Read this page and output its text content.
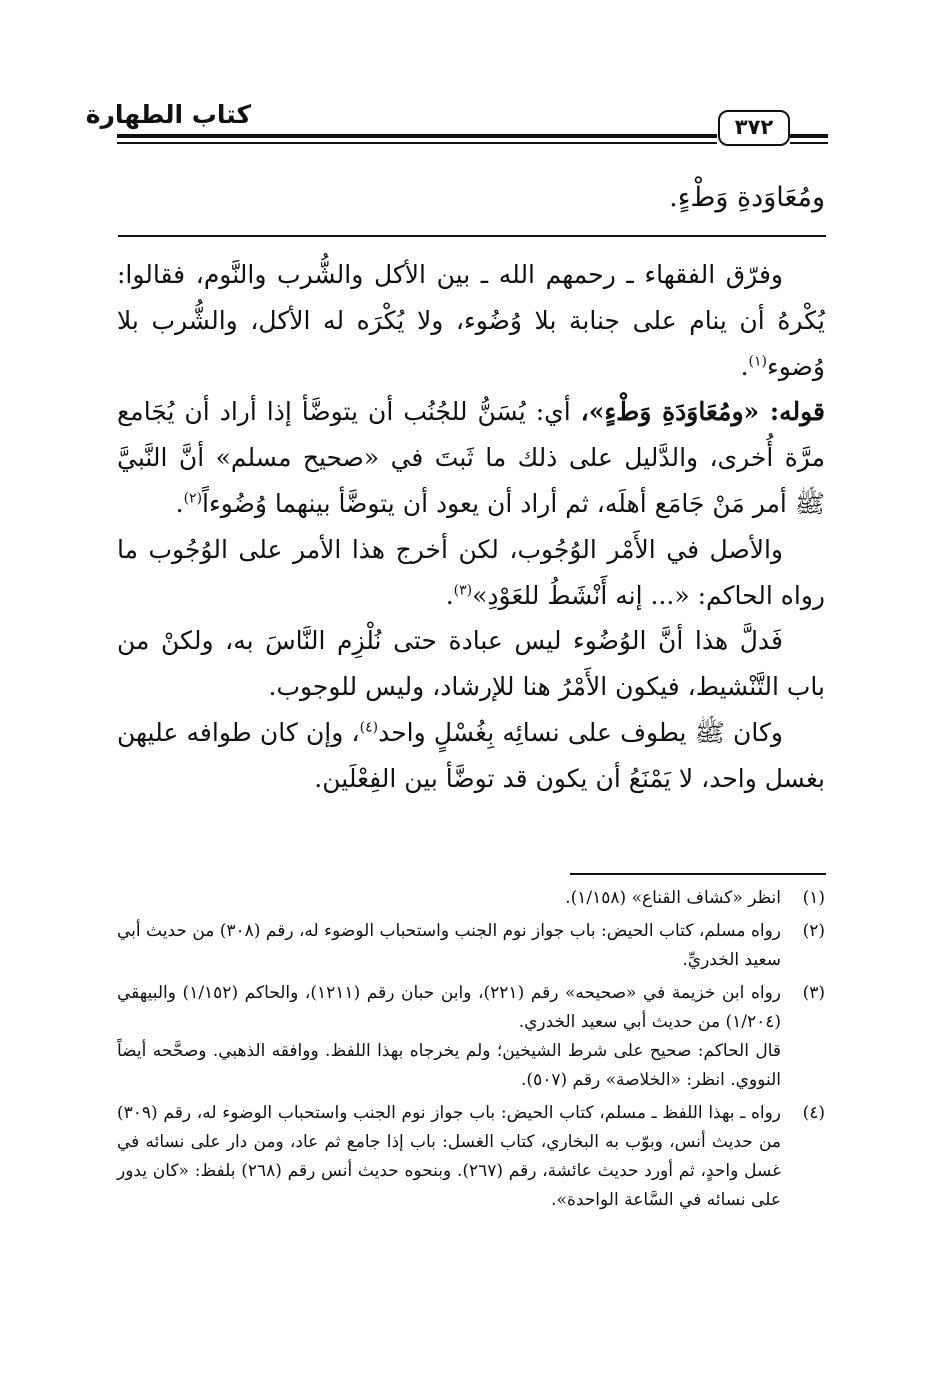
كتاب الطهارة	٣٧٢
ومُعَاوَدةِ وَطْءٍ.

وفرّق الفقهاء ـ رحمهم الله ـ بين الأكل والشُّرب والنَّوم، فقالوا: يُكْرهُ أن ينام على جنابة بلا وُضُوء، ولا يُكْرَه له الأكل، والشُّرب بلا وُضوء$^{(١)}$.

قوله: «ومُعَاوَدَةِ وَطْءٍ»، أي: يُسَنُّ للجُنُب أن يتوضَّأ إذا أراد أن يُجَامع مرَّة أُخرى، والدَّليل على ذلك ما ثَبتَ في «صحيح مسلم» أنَّ النَّبيَّ ﷺ أمر مَنْ جَامَع أهلَه، ثم أراد أن يعود أن يتوضَّأ بينهما وُضُوءاً$^{(٢)}$.

والأصل في الأَمْر الوُجُوب، لكن أخرج هذا الأمر على الوُجُوب ما رواه الحاكم: «... إنه أَنْشَطُ للعَوْدِ»$^{(٣)}$.

فَدلَّ هذا أنَّ الوُضُوء ليس عبادة حتى نُلْزِم النَّاسَ به، ولكنْ من باب التَّنْشيط، فيكون الأَمْرُ هنا للإرشاد، وليس للوجوب.

وكان ﷺ يطوف على نسائِه بِغُسْلٍ واحد$^{(٤)}$، وإن كان طوافه عليهن بغسل واحد، لا يَمْنَعُ أن يكون قد توضَّأ بين الفِعْلَين.

(١)
انظر «كشاف القناع» (١/١٥٨).
(٢)
رواه مسلم، كتاب الحيض: باب جواز نوم الجنب واستحباب الوضوء له، رقم (٣٠٨) من حديث أبي سعيد الخدريِّ.
(٣)
رواه ابن خزيمة في «صحيحه» رقم (٢٢١)، وابن حبان رقم (١٢١١)، والحاكم (١/١٥٢) والبيهقي (١/٢٠٤) من حديث أبي سعيد الخدري.
قال الحاكم: صحيح على شرط الشيخين؛ ولم يخرجاه بهذا اللفظ. ووافقه الذهبي. وصحَّحه أيضاً النووي. انظر: «الخلاصة» رقم (٥٠٧).
(٤)
رواه ـ بهذا اللفظ ـ مسلم، كتاب الحيض: باب جواز نوم الجنب واستحباب الوضوء له، رقم (٣٠٩) من حديث أنس، وبوّب به البخاري، كتاب الغسل: باب إذا جامع ثم عاد، ومن دار على نسائه في غسل واحدٍ، ثم أورد حديث عائشة، رقم (٢٦٧). وبنحوه حديث أنس رقم (٢٦٨) بلفظ: «كان يدور على نسائه في السَّاعة الواحدة».
